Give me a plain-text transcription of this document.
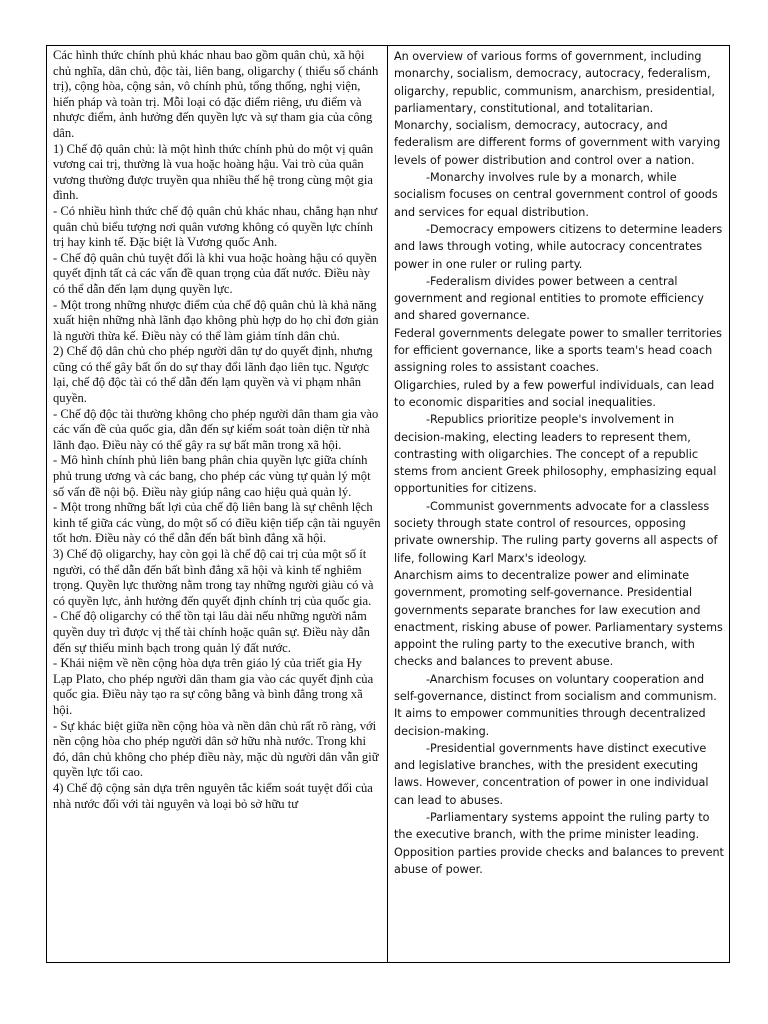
Các hình thức chính phủ khác nhau bao gồm quân chủ, xã hội chủ nghĩa, dân chủ, độc tài, liên bang, oligarchy ( thiểu số chánh trị), cộng hòa, cộng sản, vô chính phủ, tổng thống, nghị viện, hiến pháp và toàn trị. Mỗi loại có đặc điểm riêng, ưu điểm và nhược điểm, ảnh hưởng đến quyền lực và sự tham gia của công dân.

1) Chế độ quân chủ: là một hình thức chính phủ do một vị quân vương cai trị, thường là vua hoặc hoàng hậu. Vai trò của quân vương thường được truyền qua nhiều thế hệ trong cùng một gia đình.

- Có nhiều hình thức chế độ quân chủ khác nhau, chẳng hạn như quân chủ biểu tượng nơi quân vương không có quyền lực chính trị hay kinh tế. Đặc biệt là Vương quốc Anh.

- Chế độ quân chủ tuyệt đối là khi vua hoặc hoàng hậu có quyền quyết định tất cả các vấn đề quan trọng của đất nước. Điều này có thể dẫn đến lạm dụng quyền lực.

- Một trong những nhược điểm của chế độ quân chủ là khả năng xuất hiện những nhà lãnh đạo không phù hợp do họ chỉ đơn giản là người thừa kế. Điều này có thể làm giảm tính dân chủ.

2) Chế độ dân chủ cho phép người dân tự do quyết định, nhưng cũng có thể gây bất ổn do sự thay đổi lãnh đạo liên tục. Ngược lại, chế độ độc tài có thể dẫn đến lạm quyền và vi phạm nhân quyền.

- Chế độ độc tài thường không cho phép người dân tham gia vào các vấn đề của quốc gia, dẫn đến sự kiểm soát toàn diện từ nhà lãnh đạo. Điều này có thể gây ra sự bất mãn trong xã hội.

- Mô hình chính phủ liên bang phân chia quyền lực giữa chính phủ trung ương và các bang, cho phép các vùng tự quản lý một số vấn đề nội bộ. Điều này giúp nâng cao hiệu quả quản lý.

- Một trong những bất lợi của chế độ liên bang là sự chênh lệch kinh tế giữa các vùng, do một số có điều kiện tiếp cận tài nguyên tốt hơn. Điều này có thể dẫn đến bất bình đẳng xã hội.

3) Chế độ oligarchy, hay còn gọi là chế độ cai trị của một số ít người, có thể dẫn đến bất bình đẳng xã hội và kinh tế nghiêm trọng. Quyền lực thường nằm trong tay những người giàu có và có quyền lực, ảnh hưởng đến quyết định chính trị của quốc gia.

- Chế độ oligarchy có thể tồn tại lâu dài nếu những người nắm quyền duy trì được vị thế tài chính hoặc quân sự. Điều này dẫn đến sự thiếu minh bạch trong quản lý đất nước.

- Khái niệm về nền cộng hòa dựa trên giáo lý của triết gia Hy Lạp Plato, cho phép người dân tham gia vào các quyết định của quốc gia. Điều này tạo ra sự công bằng và bình đẳng trong xã hội.

- Sự khác biệt giữa nền cộng hòa và nền dân chủ rất rõ ràng, với nền cộng hòa cho phép người dân sở hữu nhà nước. Trong khi đó, dân chủ không cho phép điều này, mặc dù người dân vẫn giữ quyền lực tối cao.

4) Chế độ cộng sản dựa trên nguyên tắc kiểm soát tuyệt đối của nhà nước đối với tài nguyên và loại bỏ sở hữu tư

An overview of various forms of government, including monarchy, socialism, democracy, autocracy, federalism, oligarchy, republic, communism, anarchism, presidential, parliamentary, constitutional, and totalitarian.

Monarchy, socialism, democracy, autocracy, and federalism are different forms of government with varying levels of power distribution and control over a nation.

-Monarchy involves rule by a monarch, while socialism focuses on central government control of goods and services for equal distribution.

-Democracy empowers citizens to determine leaders and laws through voting, while autocracy concentrates power in one ruler or ruling party.

-Federalism divides power between a central government and regional entities to promote efficiency and shared governance.

Federal governments delegate power to smaller territories for efficient governance, like a sports team's head coach assigning roles to assistant coaches.

Oligarchies, ruled by a few powerful individuals, can lead to economic disparities and social inequalities.

-Republics prioritize people's involvement in decision-making, electing leaders to represent them, contrasting with oligarchies. The concept of a republic stems from ancient Greek philosophy, emphasizing equal opportunities for citizens.

-Communist governments advocate for a classless society through state control of resources, opposing private ownership. The ruling party governs all aspects of life, following Karl Marx's ideology.

Anarchism aims to decentralize power and eliminate government, promoting self-governance. Presidential governments separate branches for law execution and enactment, risking abuse of power. Parliamentary systems appoint the ruling party to the executive branch, with checks and balances to prevent abuse.

-Anarchism focuses on voluntary cooperation and self-governance, distinct from socialism and communism. It aims to empower communities through decentralized decision-making.

-Presidential governments have distinct executive and legislative branches, with the president executing laws. However, concentration of power in one individual can lead to abuses.

-Parliamentary systems appoint the ruling party to the executive branch, with the prime minister leading. Opposition parties provide checks and balances to prevent abuse of power.
